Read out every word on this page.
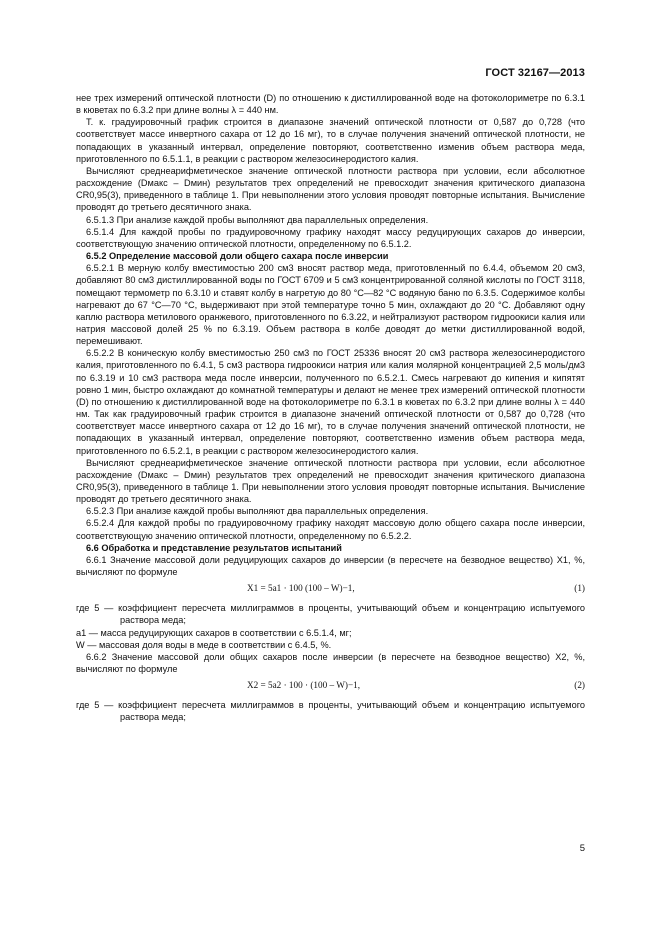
ГОСТ 32167—2013

нее трех измерений оптической плотности (D) по отношению к дистиллированной воде на фотоколориметре по 6.3.1 в кюветах по 6.3.2 при длине волны λ = 440 нм.

Т. к. градуировочный график строится в диапазоне значений оптической плотности от 0,587 до 0,728 (что соответствует массе инвертного сахара от 12 до 16 мг), то в случае получения значений оптической плотности, не попадающих в указанный интервал, определение повторяют, соответственно изменив объем раствора меда, приготовленного по 6.5.1.1, в реакции с раствором железосинеродистого калия.

Вычисляют среднеарифметическое значение оптической плотности раствора при условии, если абсолютное расхождение (Dмакс – Dмин) результатов трех определений не превосходит значения критического диапазона CR0,95(3), приведенного в таблице 1. При невыполнении этого условия проводят повторные испытания. Вычисление проводят до третьего десятичного знака.

6.5.1.3 При анализе каждой пробы выполняют два параллельных определения.

6.5.1.4 Для каждой пробы по градуировочному графику находят массу редуцирующих сахаров до инверсии, соответствующую значению оптической плотности, определенному по 6.5.1.2.

6.5.2 Определение массовой доли общего сахара после инверсии

6.5.2.1 В мерную колбу вместимостью 200 см3 вносят раствор меда, приготовленный по 6.4.4, объемом 20 см3, добавляют 80 см3 дистиллированной воды по ГОСТ 6709 и 5 см3 концентрированной соляной кислоты по ГОСТ 3118, помещают термометр по 6.3.10 и ставят колбу в нагретую до 80 °С—82 °С водяную баню по 6.3.5. Содержимое колбы нагревают до 67 °С—70 °С, выдерживают при этой температуре точно 5 мин, охлаждают до 20 °С. Добавляют одну каплю раствора метилового оранжевого, приготовленного по 6.3.22, и нейтрализуют раствором гидроокиси калия или натрия массовой долей 25 % по 6.3.19. Объем раствора в колбе доводят до метки дистиллированной водой, перемешивают.

6.5.2.2 В коническую колбу вместимостью 250 см3 по ГОСТ 25336 вносят 20 см3 раствора железосинеродистого калия, приготовленного по 6.4.1, 5 см3 раствора гидроокиси натрия или калия молярной концентрацией 2,5 моль/дм3 по 6.3.19 и 10 см3 раствора меда после инверсии, полученного по 6.5.2.1. Смесь нагревают до кипения и кипятят ровно 1 мин, быстро охлаждают до комнатной температуры и делают не менее трех измерений оптической плотности (D) по отношению к дистиллированной воде на фотоколориметре по 6.3.1 в кюветах по 6.3.2 при длине волны λ = 440 нм. Так как градуировочный график строится в диапазоне значений оптической плотности от 0,587 до 0,728 (что соответствует массе инвертного сахара от 12 до 16 мг), то в случае получения значений оптической плотности, не попадающих в указанный интервал, определение повторяют, соответственно изменив объем раствора меда, приготовленного по 6.5.2.1, в реакции с раствором железосинеродистого калия.

Вычисляют среднеарифметическое значение оптической плотности раствора при условии, если абсолютное расхождение (Dмакс – Dмин) результатов трех определений не превосходит значения критического диапазона CR0,95(3), приведенного в таблице 1. При невыполнении этого условия проводят повторные испытания. Вычисление проводят до третьего десятичного знака.

6.5.2.3 При анализе каждой пробы выполняют два параллельных определения.

6.5.2.4 Для каждой пробы по градуировочному графику находят массовую долю общего сахара после инверсии, соответствующую значению оптической плотности, определенному по 6.5.2.2.

6.6 Обработка и представление результатов испытаний

6.6.1 Значение массовой доли редуцирующих сахаров до инверсии (в пересчете на безводное вещество) X1, %, вычисляют по формуле

X1 = 5a1 · 100 (100 – W)−1,	(1)

где 5 — коэффициент пересчета миллиграммов в проценты, учитывающий объем и концентрацию испытуемого раствора меда;

a1 — масса редуцирующих сахаров в соответствии с 6.5.1.4, мг;

W — массовая доля воды в меде в соответствии с 6.4.5, %.

6.6.2 Значение массовой доли общих сахаров после инверсии (в пересчете на безводное вещество) X2, %, вычисляют по формуле

X2 = 5a2 · 100 · (100 – W)−1,	(2)

где 5 — коэффициент пересчета миллиграммов в проценты, учитывающий объем и концентрацию испытуемого раствора меда;

5
